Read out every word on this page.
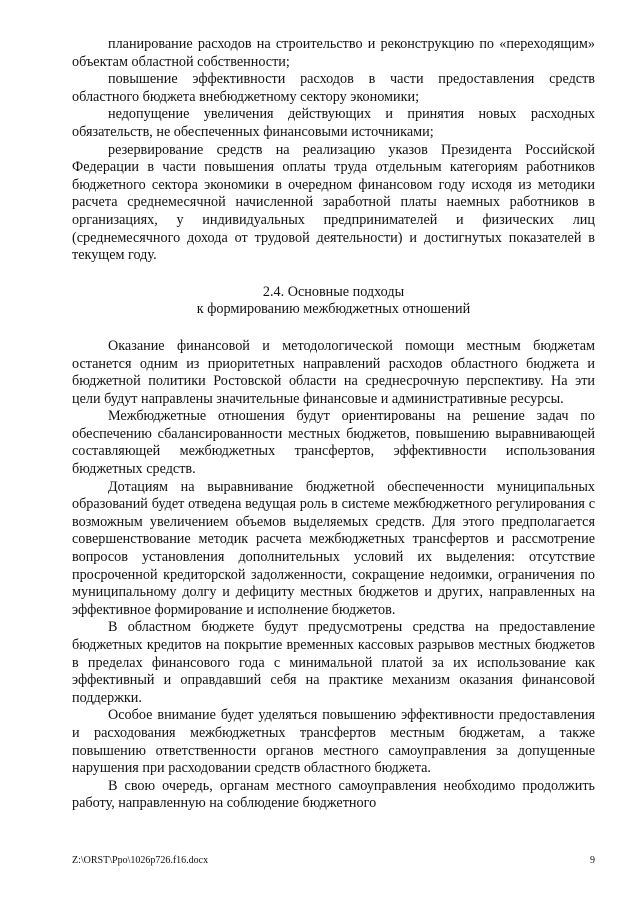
планирование расходов на строительство и реконструкцию по «переходящим» объектам областной собственности;

повышение эффективности расходов в части предоставления средств областного бюджета внебюджетному сектору экономики;

недопущение увеличения действующих и принятия новых расходных обязательств, не обеспеченных финансовыми источниками;

резервирование средств на реализацию указов Президента Российской Федерации в части повышения оплаты труда отдельным категориям работников бюджетного сектора экономики в очередном финансовом году исходя из методики расчета среднемесячной начисленной заработной платы наемных работников в организациях, у индивидуальных предпринимателей и физических лиц (среднемесячного дохода от трудовой деятельности) и достигнутых показателей в текущем году.

2.4. Основные подходы

к формированию межбюджетных отношений

Оказание финансовой и методологической помощи местным бюджетам останется одним из приоритетных направлений расходов областного бюджета и бюджетной политики Ростовской области на среднесрочную перспективу. На эти цели будут направлены значительные финансовые и административные ресурсы.

Межбюджетные отношения будут ориентированы на решение задач по обеспечению сбалансированности местных бюджетов, повышению выравнивающей составляющей межбюджетных трансфертов, эффективности использования бюджетных средств.

Дотациям на выравнивание бюджетной обеспеченности муниципальных образований будет отведена ведущая роль в системе межбюджетного регулирования с возможным увеличением объемов выделяемых средств. Для этого предполагается совершенствование методик расчета межбюджетных трансфертов и рассмотрение вопросов установления дополнительных условий их выделения: отсутствие просроченной кредиторской задолженности, сокращение недоимки, ограничения по муниципальному долгу и дефициту местных бюджетов и других, направленных на эффективное формирование и исполнение бюджетов.

В областном бюджете будут предусмотрены средства на предоставление бюджетных кредитов на покрытие временных кассовых разрывов местных бюджетов в пределах финансового года с минимальной платой за их использование как эффективный и оправдавший себя на практике механизм оказания финансовой поддержки.

Особое внимание будет уделяться повышению эффективности предоставления и расходования межбюджетных трансфертов местным бюджетам, а также повышению ответственности органов местного самоуправления за допущенные нарушения при расходовании средств областного бюджета.

В свою очередь, органам местного самоуправления необходимо продолжить работу, направленную на соблюдение бюджетного

Z:\ORST\Ppo\1026p726.f16.docx	9
